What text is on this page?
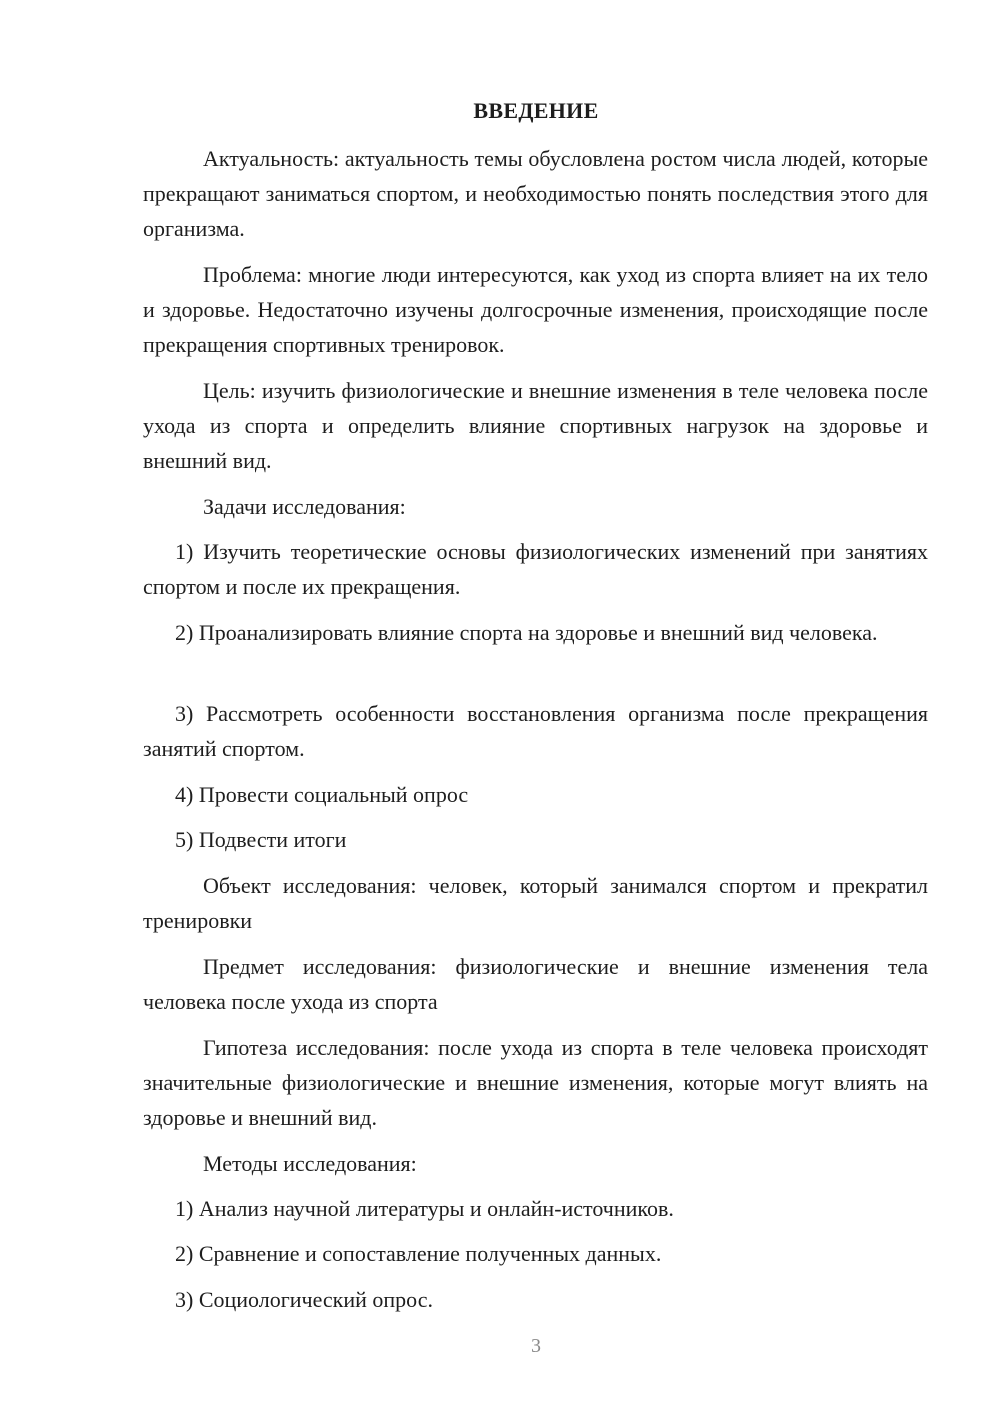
ВВЕДЕНИЕ

Актуальность: актуальность темы обусловлена ростом числа людей, которые прекращают заниматься спортом, и необходимостью понять последствия этого для организма.

Проблема: многие люди интересуются, как уход из спорта влияет на их тело и здоровье. Недостаточно изучены долгосрочные изменения, происходящие после прекращения спортивных тренировок.

Цель: изучить физиологические и внешние изменения в теле человека после ухода из спорта и определить влияние спортивных нагрузок на здоровье и внешний вид.

Задачи исследования:

1) Изучить теоретические основы физиологических изменений при занятиях спортом и после их прекращения.

2) Проанализировать влияние спорта на здоровье и внешний вид человека.

3) Рассмотреть особенности восстановления организма после прекращения занятий спортом.

4) Провести социальный опрос

5) Подвести итоги

Объект исследования: человек, который занимался спортом и прекратил тренировки

Предмет исследования: физиологические и внешние изменения тела человека после ухода из спорта

Гипотеза исследования: после ухода из спорта в теле человека происходят значительные физиологические и внешние изменения, которые могут влиять на здоровье и внешний вид.

Методы исследования:

1) Анализ научной литературы и онлайн-источников.

2) Сравнение и сопоставление полученных данных.

3) Социологический опрос.

3
